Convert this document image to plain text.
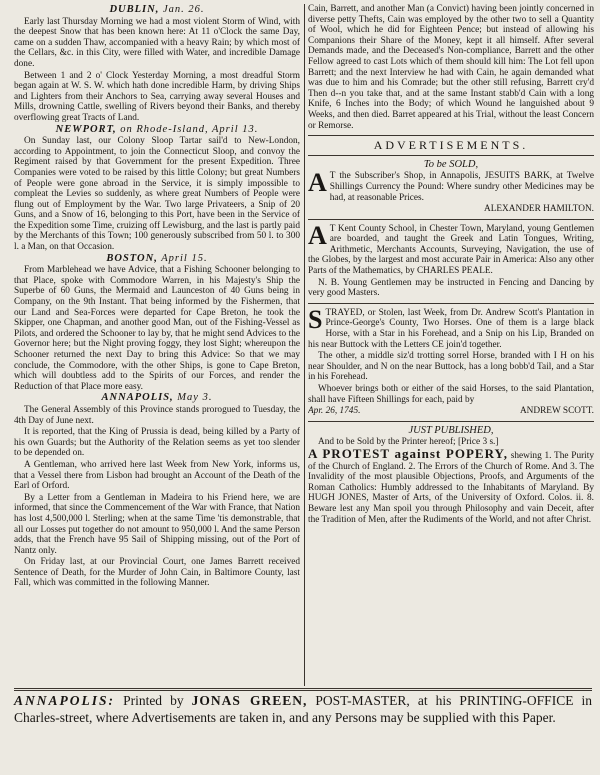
DUBLIN, Jan. 26.

Early last Thursday Morning we had a most violent Storm of Wind, with the deepest Snow that has been known here: At 11 o'Clock the same Day, came on a sudden Thaw, accompanied with a heavy Rain; by which most of the Cellars, &c. in this City, were filled with Water, and incredible Damage done.

Between 1 and 2 o' Clock Yesterday Morning, a most dreadful Storm began again at W. S. W. which hath done incredible Harm, by driving Ships and Lighters from their Anchors to Sea, carrying away several Houses and Mills, drowning Cattle, swelling of Rivers beyond their Banks, and thereby overflowing great Tracts of Land.

NEWPORT, on Rhode-Island, April 13.

On Sunday last, our Colony Sloop Tartar sail'd to New-London, according to Appointment, to join the Connecticut Sloop, and convoy the Regiment raised by that Government for the present Expedition. Three Companies were voted to be raised by this little Colony; but great Numbers of People were gone abroad in the Service, it is simply impossible to compleat the Levies so suddenly, as where great Numbers of People were flung out of Employment by the War. Two large Privateers, a Snip of 20 Guns, and a Snow of 16, belonging to this Port, have been in the Service of the Expedition some Time, cruizing off Lewisburg, and the last is partly paid by the Merchants of this Town; 100 generously subscribed from 50 l. to 300 l. a Man, on that Occasion.

BOSTON, April 15.

From Marblehead we have Advice, that a Fishing Schooner belonging to that Place, spoke with Commodore Warren, in his Majesty's Ship the Superbe of 60 Guns, the Mermaid and Launceston of 40 Guns being in Company, on the 9th Instant. That being informed by the Fishermen, that our Land and Sea-Forces were departed for Cape Breton, he took the Skipper, one Chapman, and another good Man, out of the Fishing-Vessel as Pilots, and ordered the Schooner to lay by, that he might send Advices to the Governor here; but the Night proving foggy, they lost Sight; whereupon the Schooner returned the next Day to bring this Advice: So that we may conclude, the Commodore, with the other Ships, is gone to Cape Breton, which will doubtless add to the Spirits of our Forces, and render the Reduction of that Place more easy.

ANNAPOLIS, May 3.

The General Assembly of this Province stands prorogued to Tuesday, the 4th Day of June next.

It is reported, that the King of Prussia is dead, being killed by a Party of his own Guards; but the Authority of the Relation seems as yet too slender to be depended on.

A Gentleman, who arrived here last Week from New York, informs us, that a Vessel there from Lisbon had brought an Account of the Death of the Earl of Orford.

By a Letter from a Gentleman in Madeira to his Friend here, we are informed, that since the Commencement of the War with France, that Nation has lost 4,500,000 l. Sterling; when at the same Time 'tis demonstrable, that all our Losses put together do not amount to 950,000 l. And the same Person adds, that the French have 95 Sail of Shipping missing, out of the Port of Nantz only.

On Friday last, at our Provincial Court, one James Barrett received Sentence of Death, for the Murder of John Cain, in Baltimore County, last Fall, which was committed in the following Manner.

Cain, Barrett, and another Man (a Convict) having been jointly concerned in diverse petty Thefts, Cain was employed by the other two to sell a Quantity of Wool, which he did for Eighteen Pence; but instead of allowing his Companions their Share of the Money, kept it all himself. After several Demands made, and the Deceased's Non-compliance, Barrett and the other Fellow agreed to cast Lots which of them should kill him: The Lot fell upon Barrett; and the next Interview he had with Cain, he again demanded what was due to him and his Comrade; but the other still refusing, Barrett cry'd Then d--n you take that, and at the same Instant stabb'd Cain with a long Knife, 6 Inches into the Body; of which Wound he languished about 9 Weeks, and then died. Barret appeared at his Trial, without the least Concern or Remorse.

ADVERTISEMENTS.
To be SOLD,

A T the Subscriber's Shop, in Annapolis, JESUITS BARK, at Twelve Shillings Currency the Pound: Where sundry other Medicines may be had, at reasonable Prices.

ALEXANDER HAMILTON.

A T Kent County School, in Chester Town, Maryland, young Gentlemen are boarded, and taught the Greek and Latin Tongues, Writing, Arithmetic, Merchants Accounts, Surveying, Navigation, the use of the Globes, by the largest and most accurate Pair in America: Also any other Parts of the Mathematics, by CHARLES PEALE.

N. B. Young Gentlemen may be instructed in Fencing and Dancing by very good Masters.

STRAYED, or Stolen, last Week, from Dr. Andrew Scott's Plantation in Prince-George's County, Two Horses. One of them is a large black Horse, with a Star in his Forehead, and a Snip on his Lip, Branded on his near Buttock with the Letters CE join'd together.

The other, a middle siz'd trotting sorrel Horse, branded with I H on his near Shoulder, and N on the near Buttock, has a long bobb'd Tail, and a Star in his Forehead.

Whoever brings both or either of the said Horses, to the said Plantation, shall have Fifteen Shillings for each, paid by

Apr. 26, 1745.	ANDREW SCOTT.
JUST PUBLISHED,

And to be Sold by the Printer hereof; [Price 3 s.]

A PROTEST against POPERY, shewing 1. The Purity of the Church of England. 2. The Errors of the Church of Rome. And 3. The Invalidity of the most plausible Objections, Proofs, and Arguments of the Roman Catholics: Humbly addressed to the Inhabitants of Maryland. By HUGH JONES, Master of Arts, of the University of Oxford. Colos. ii. 8. Beware lest any Man spoil you through Philosophy and vain Deceit, after the Tradition of Men, after the Rudiments of the World, and not after Christ.

ANNAPOLIS: Printed by JONAS GREEN, POST-MASTER, at his PRINTING-OFFICE in Charles-street, where Advertisements are taken in, and any Persons may be supplied with this Paper.
